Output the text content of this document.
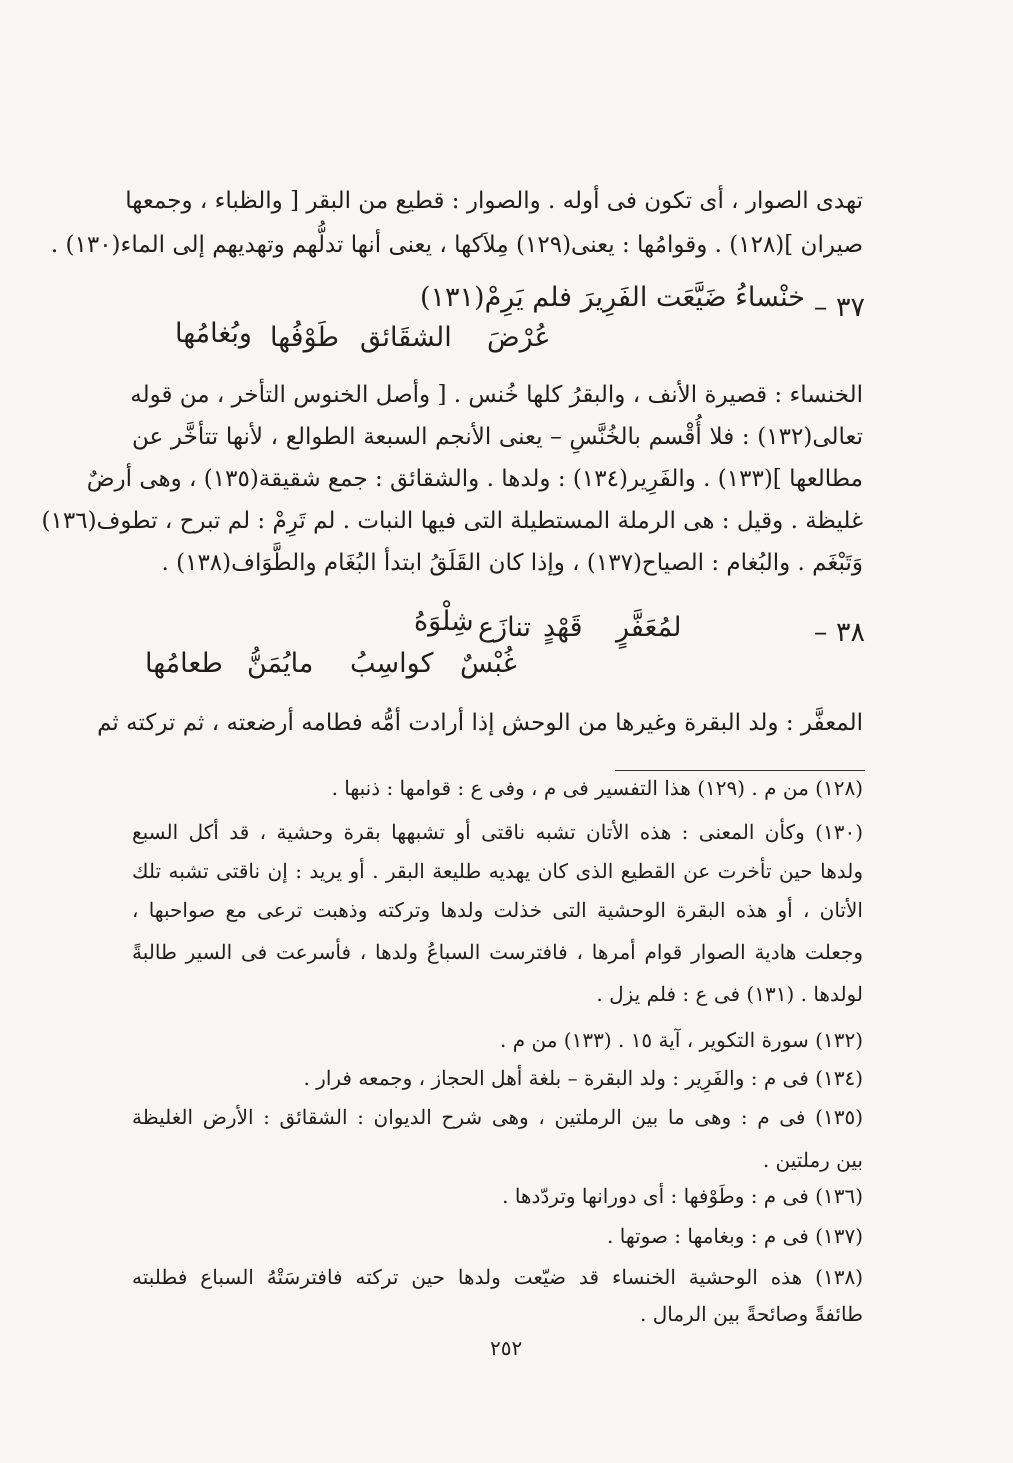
تهدى الصوار ، أى تكون فى أوله . والصوار : قطيع من البقر [ والظباء ، وجمعها
صيران ](١٢٨) . وقوامُها : يعنى(١٢٩) مِلاَكها ، يعنى أنها تدلُّهم وتهديهم إلى الماء(١٣٠) .
٣٧ –
خنْساءُ ضَيَّعَت الفَرِيرَ فلم يَرِمْ(١٣١)
عُرْضَ
الشقَائق
طَوْفُها
وبُغامُها
الخنساء : قصيرة الأنف ، والبقرُ كلها خُنس . [ وأصل الخنوس التأخر ، من قوله
تعالى(١٣٢) : فلا أُقْسم بالخُنَّسِ – يعنى الأنجم السبعة الطوالع ، لأنها تتأخَّر عن
مطالعها ](١٣٣) . والفَرِير(١٣٤) : ولدها . والشقائق : جمع شقيقة(١٣٥) ، وهى أرضٌ
غليظة . وقيل : هى الرملة المستطيلة التى فيها النبات . لم تَرِمْ : لم تبرح ، تطوف(١٣٦)
وَتَبْغَم . والبُغام : الصياح(١٣٧) ، وإذا كان القَلَقُ ابتدأ البُغَام والطَّوَاف(١٣٨) .
٣٨ –
لمُعَفَّرٍ
قَهْدٍ
تنازَع
شِلْوَهُ
غُبْسٌ
كواسِبُ
مايُمَنُّ
طعامُها
المعفَّر : ولد البقرة وغيرها من الوحش إذا أرادت أمُّه فطامه أرضعته ، ثم تركته ثم
(١٢٨) من م . (١٢٩) هذا التفسير فى م ، وفى ع : قوامها : ذنبها .
(١٣٠) وكأن المعنى : هذه الأتان تشبه ناقتى أو تشبهها بقرة وحشية ، قد أكل السبع
ولدها حين تأخرت عن القطيع الذى كان يهديه طليعة البقر . أو يريد : إن ناقتى تشبه تلك
الأتان ، أو هذه البقرة الوحشية التى خذلت ولدها وتركته وذهبت ترعى مع صواحبها ،
وجعلت هادية الصوار قوام أمرها ، فافترست السباعُ ولدها ، فأسرعت فى السير طالبةً
لولدها . (١٣١) فى ع : فلم يزل .
(١٣٢) سورة التكوير ، آية ١٥ . (١٣٣) من م .
(١٣٤) فى م : والفَرِير : ولد البقرة – بلغة أهل الحجاز ، وجمعه فرار .
(١٣٥) فى م : وهى ما بين الرملتين ، وهى شرح الديوان : الشقائق : الأرض الغليظة
بين رملتين .
(١٣٦) فى م : وطَوْفها : أى دورانها وتردّدها .
(١٣٧) فى م : وبغامها : صوتها .
(١٣٨) هذه الوحشية الخنساء قد ضيّعت ولدها حين تركته فافترسَتْهُ السباع فطلبته
طائفةً وصائحةً بين الرمال .
٢٥٢
